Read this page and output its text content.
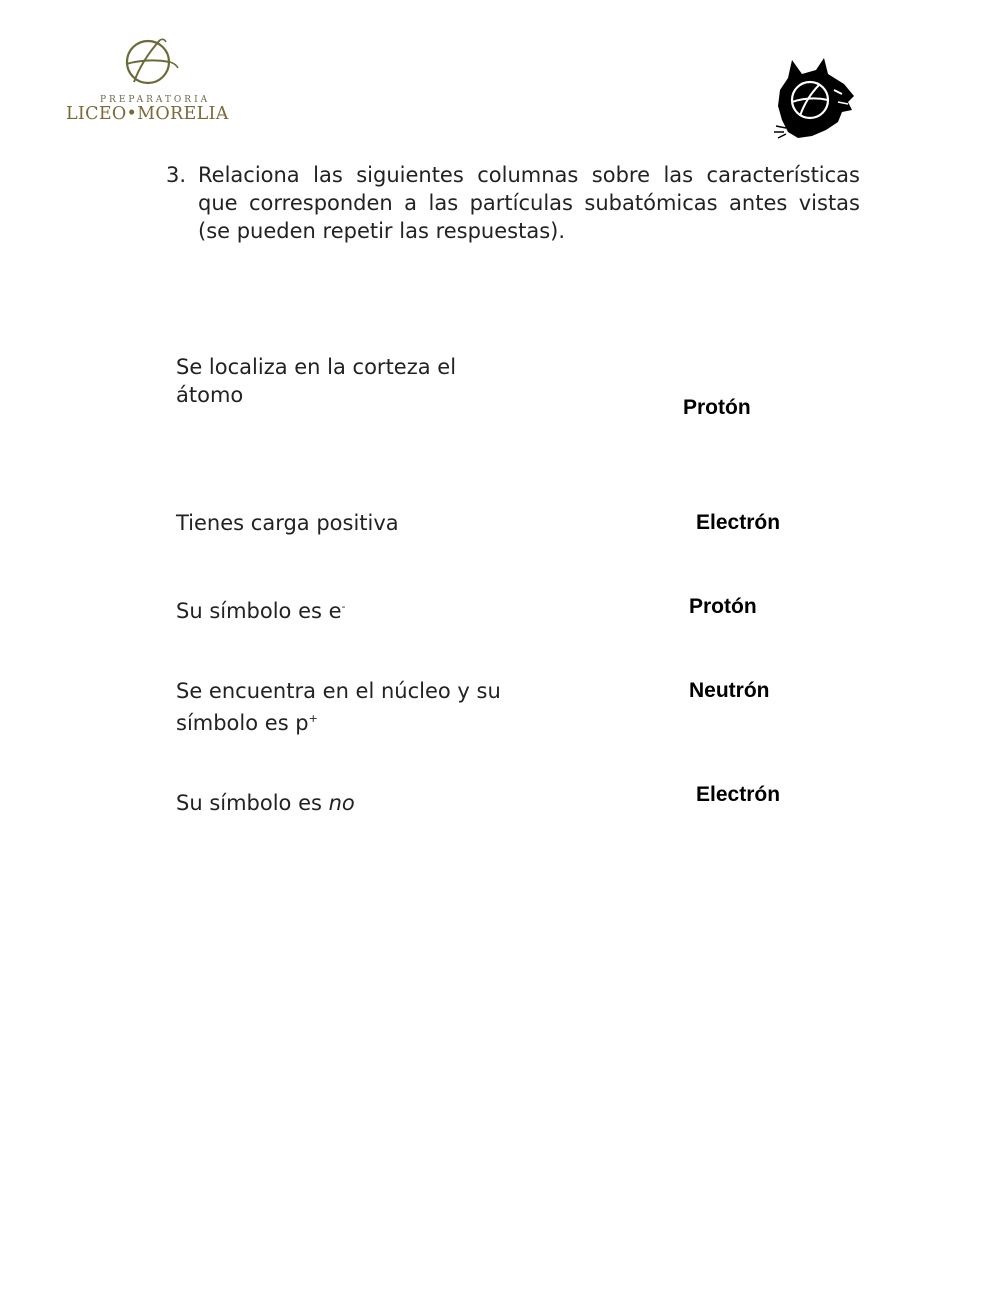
PREPARATORIA
LICEO•MORELIA
3. Relaciona las siguientes columnas sobre las características que corresponden a las partículas subatómicas antes vistas (se pueden repetir las respuestas).
Se localiza en la corteza el átomo
Tienes carga positiva
Su símbolo es e-
Se encuentra en el núcleo y su símbolo es p+
Su símbolo es no
Protón
Electrón
Protón
Neutrón
Electrón
